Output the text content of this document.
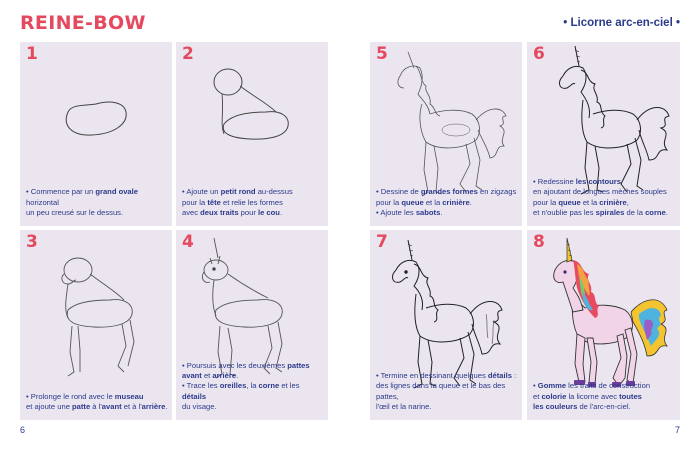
REINE-BOW	• Licorne arc-en-ciel •
1

• Commence par un grand ovale horizontal

un peu creusé sur le dessus.

2

• Ajoute un petit rond au-dessus

pour la tête et relie les formes

avec deux traits pour le cou.

5

• Dessine de grandes formes en zigzags

pour la queue et la crinière.

• Ajoute les sabots.

6

• Redessine les contours

en ajoutant de longues mèches souples

pour la queue et la crinière,

et n'oublie pas les spirales de la corne.

3

• Prolonge le rond avec le museau

et ajoute une patte à l'avant et à l'arrière.

4

• Poursuis avec les deuxièmes pattes

avant et arrière.

• Trace les oreilles, la corne et les détails

du visage.

7

• Termine en dessinant quelques détails :

des lignes dans la queue et le bas des pattes,

l'œil et la narine.

8

• Gomme les traits de construction

et colorie la licorne avec toutes

les couleurs de l'arc-en-ciel.

6	7
